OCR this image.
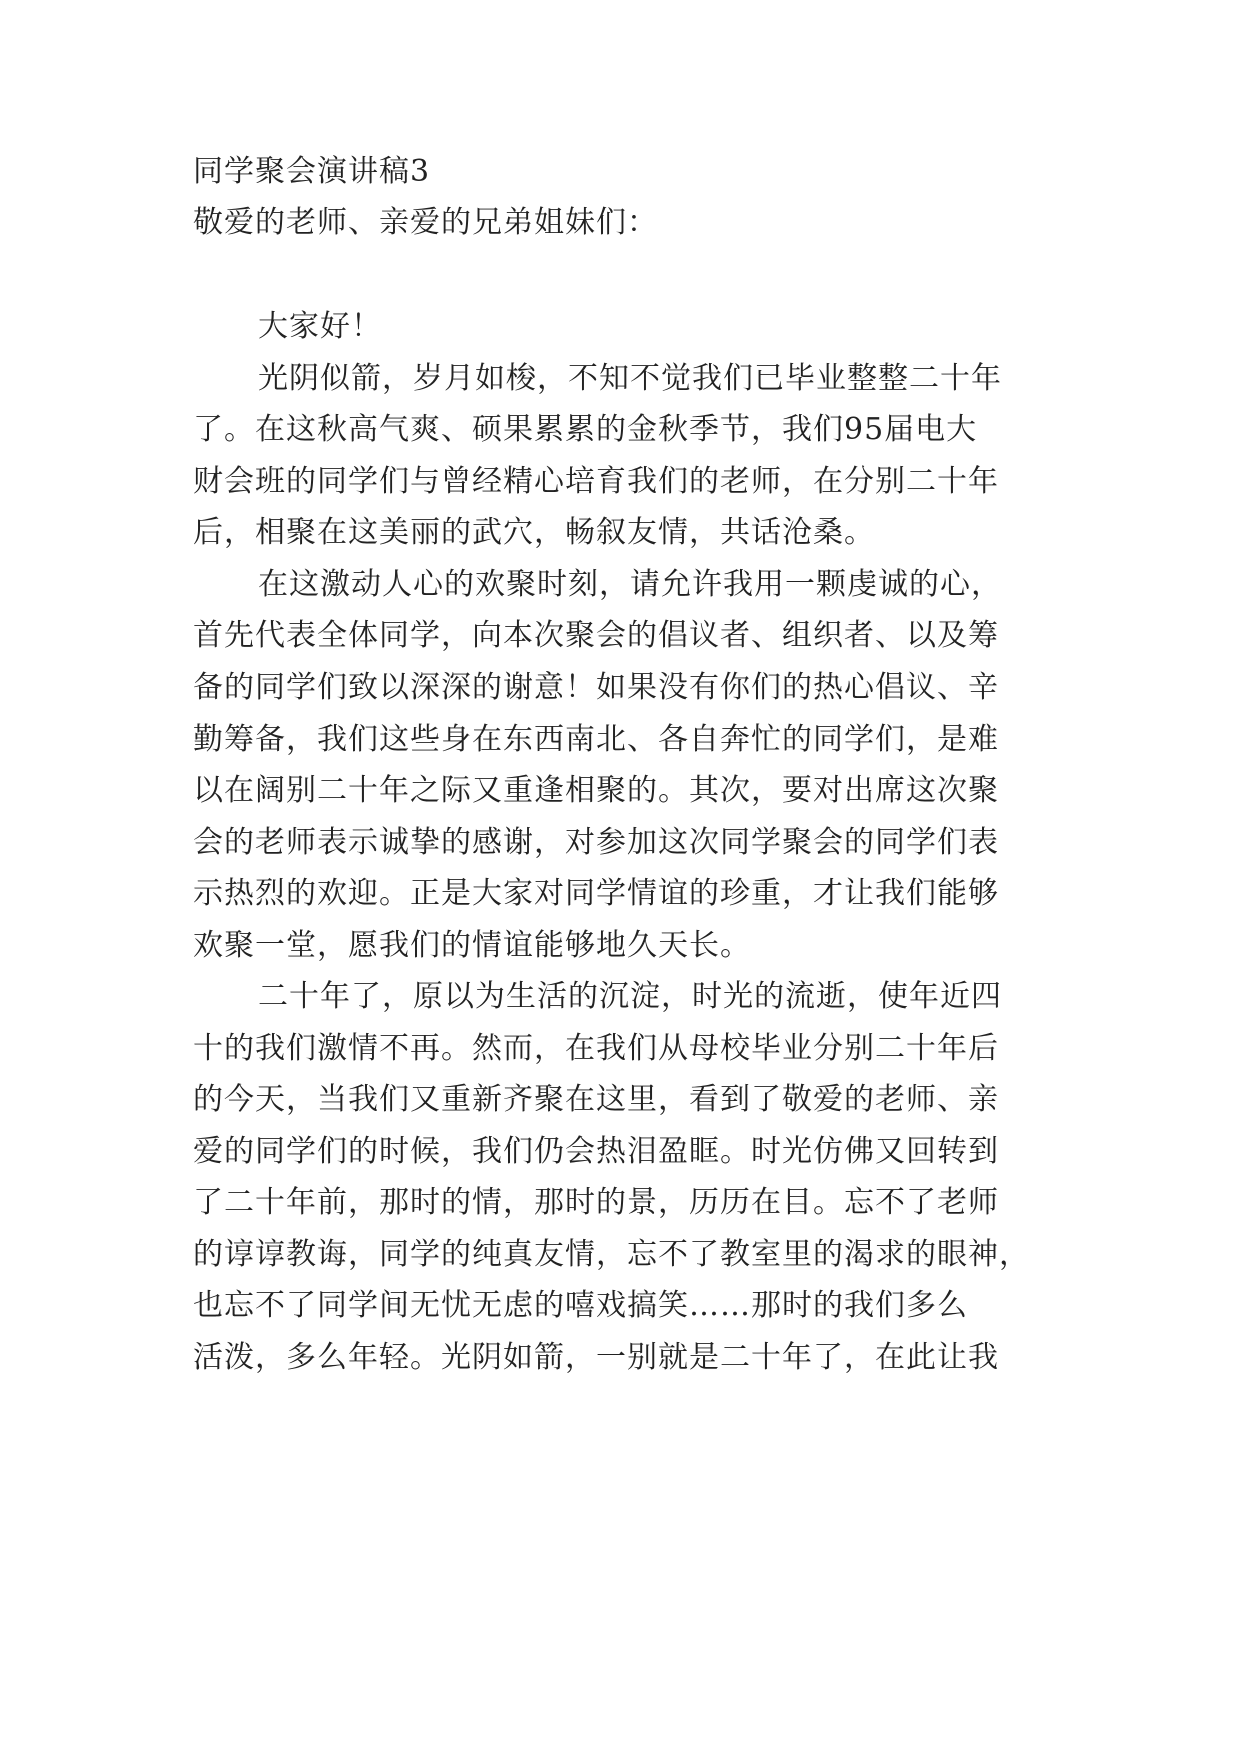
同学聚会演讲稿3
敬爱的老师、亲爱的兄弟姐妹们：
大家好！
光阴似箭，岁月如梭，不知不觉我们已毕业整整二十年
了。在这秋高气爽、硕果累累的金秋季节，我们95届电大
财会班的同学们与曾经精心培育我们的老师，在分别二十年
后，相聚在这美丽的武穴，畅叙友情，共话沧桑。
在这激动人心的欢聚时刻，请允许我用一颗虔诚的心，
首先代表全体同学，向本次聚会的倡议者、组织者、以及筹
备的同学们致以深深的谢意！如果没有你们的热心倡议、辛
勤筹备，我们这些身在东西南北、各自奔忙的同学们，是难
以在阔别二十年之际又重逢相聚的。其次，要对出席这次聚
会的老师表示诚挚的感谢，对参加这次同学聚会的同学们表
示热烈的欢迎。正是大家对同学情谊的珍重，才让我们能够
欢聚一堂，愿我们的情谊能够地久天长。
二十年了，原以为生活的沉淀，时光的流逝，使年近四
十的我们激情不再。然而，在我们从母校毕业分别二十年后
的今天，当我们又重新齐聚在这里，看到了敬爱的老师、亲
爱的同学们的时候，我们仍会热泪盈眶。时光仿佛又回转到
了二十年前，那时的情，那时的景，历历在目。忘不了老师
的谆谆教诲，同学的纯真友情，忘不了教室里的渴求的眼神，
也忘不了同学间无忧无虑的嘻戏搞笑……那时的我们多么
活泼，多么年轻。光阴如箭，一别就是二十年了，在此让我
